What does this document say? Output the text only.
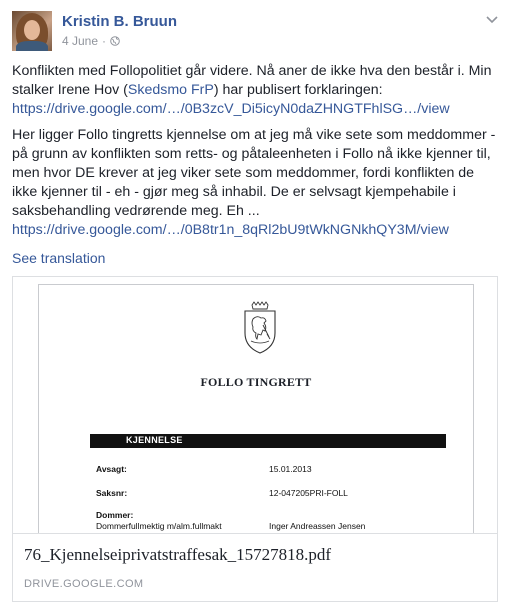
Kristin B. Bruun
4 June ·

Konflikten med Follopolitiet går videre. Nå aner de ikke hva den består i. Min stalker Irene Hov (Skedsmo FrP) har publisert forklaringen:
https://drive.google.com/…/0B3zcV_Di5icyN0daZHNGTFhlSG…/view

Her ligger Follo tingretts kjennelse om at jeg må vike sete som meddommer - på grunn av konflikten som retts- og påtaleenheten i Follo nå ikke kjenner til, men hvor DE krever at jeg viker sete som meddommer, fordi konflikten de ikke kjenner til - eh - gjør meg så inhabil. De er selvsagt kjempehabile i saksbehandling vedrørende meg. Eh ...
https://drive.google.com/…/0B8tr1n_8qRl2bU9tWkNGNkhQY3M/view

See translation
FOLLO TINGRETT
KJENNELSE
Avsagt:	15.01.2013
Saksnr:	12-047205PRI-FOLL
Dommer:
Dommerfullmektig m/alm.fullmakt	Inger Andreassen Jensen
76_Kjennelseiprivatstraffesak_15727818.pdf
DRIVE.GOOGLE.COM
